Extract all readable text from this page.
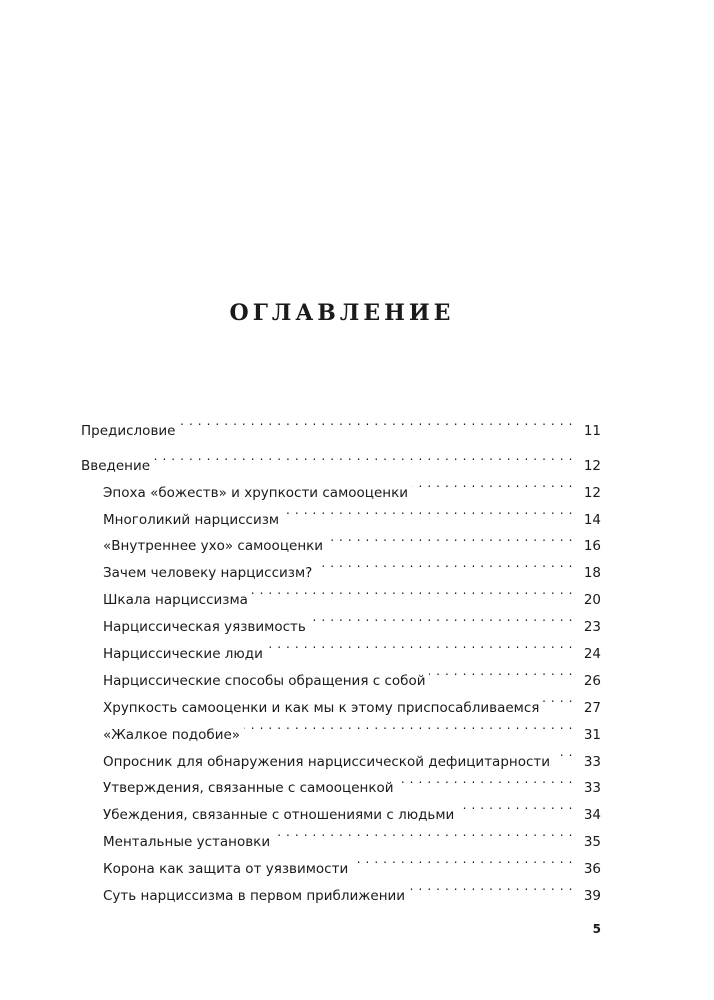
ОГЛАВЛЕНИЕ
Предисловие . . .	11
Введение . . .	12
Эпоха «божеств» и хрупкости самооценки . . .	12
Многоликий нарциссизм . . .	14
«Внутреннее ухо» самооценки . . .	16
Зачем человеку нарциссизм? . . .	18
Шкала нарциссизма . . .	20
Нарциссическая уязвимость . . .	23
Нарциссические люди . . .	24
Нарциссические способы обращения с собой . . .	26
Хрупкость самооценки и как мы к этому приспосабливаемся . . .	27
«Жалкое подобие» . . .	31
Опросник для обнаружения нарциссической дефицитарности . . .	33
Утверждения, связанные с самооценкой . . .	33
Убеждения, связанные с отношениями с людьми . . .	34
Ментальные установки . . .	35
Корона как защита от уязвимости . . .	36
Суть нарциссизма в первом приближении . . .	39
5
